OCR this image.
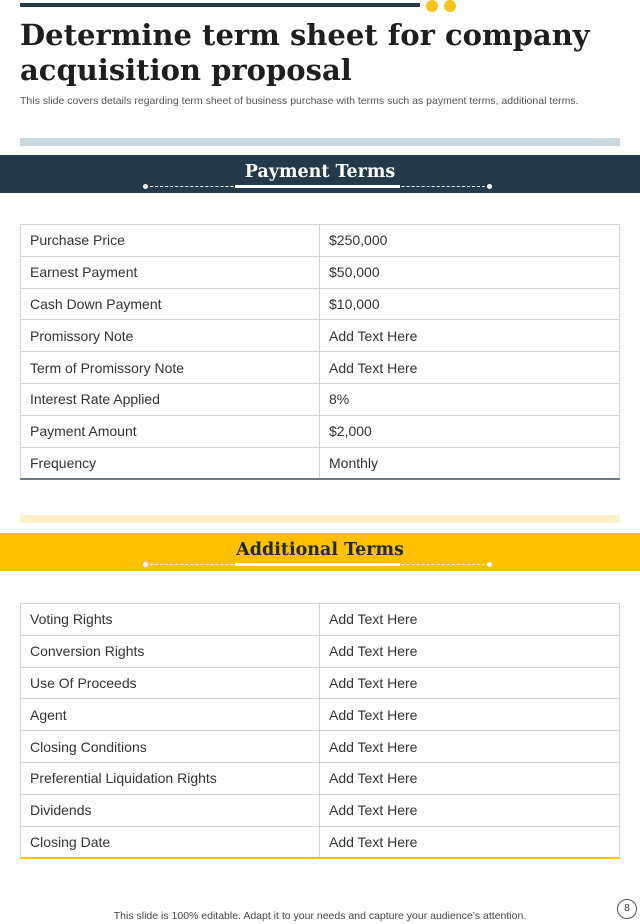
Determine term sheet for company acquisition proposal

This slide covers details regarding term sheet of business purchase with terms such as payment terms, additional terms.

Payment Terms
Purchase Price	$250,000
Earnest Payment	$50,000
Cash Down Payment	$10,000
Promissory Note	Add Text Here
Term of Promissory Note	Add Text Here
Interest Rate Applied	8%
Payment Amount	$2,000
Frequency	Monthly
Additional Terms
Voting Rights	Add Text Here
Conversion Rights	Add Text Here
Use Of Proceeds	Add Text Here
Agent	Add Text Here
Closing Conditions	Add Text Here
Preferential Liquidation Rights	Add Text Here
Dividends	Add Text Here
Closing Date	Add Text Here

This slide is 100% editable. Adapt it to your needs and capture your audience’s attention.

8
